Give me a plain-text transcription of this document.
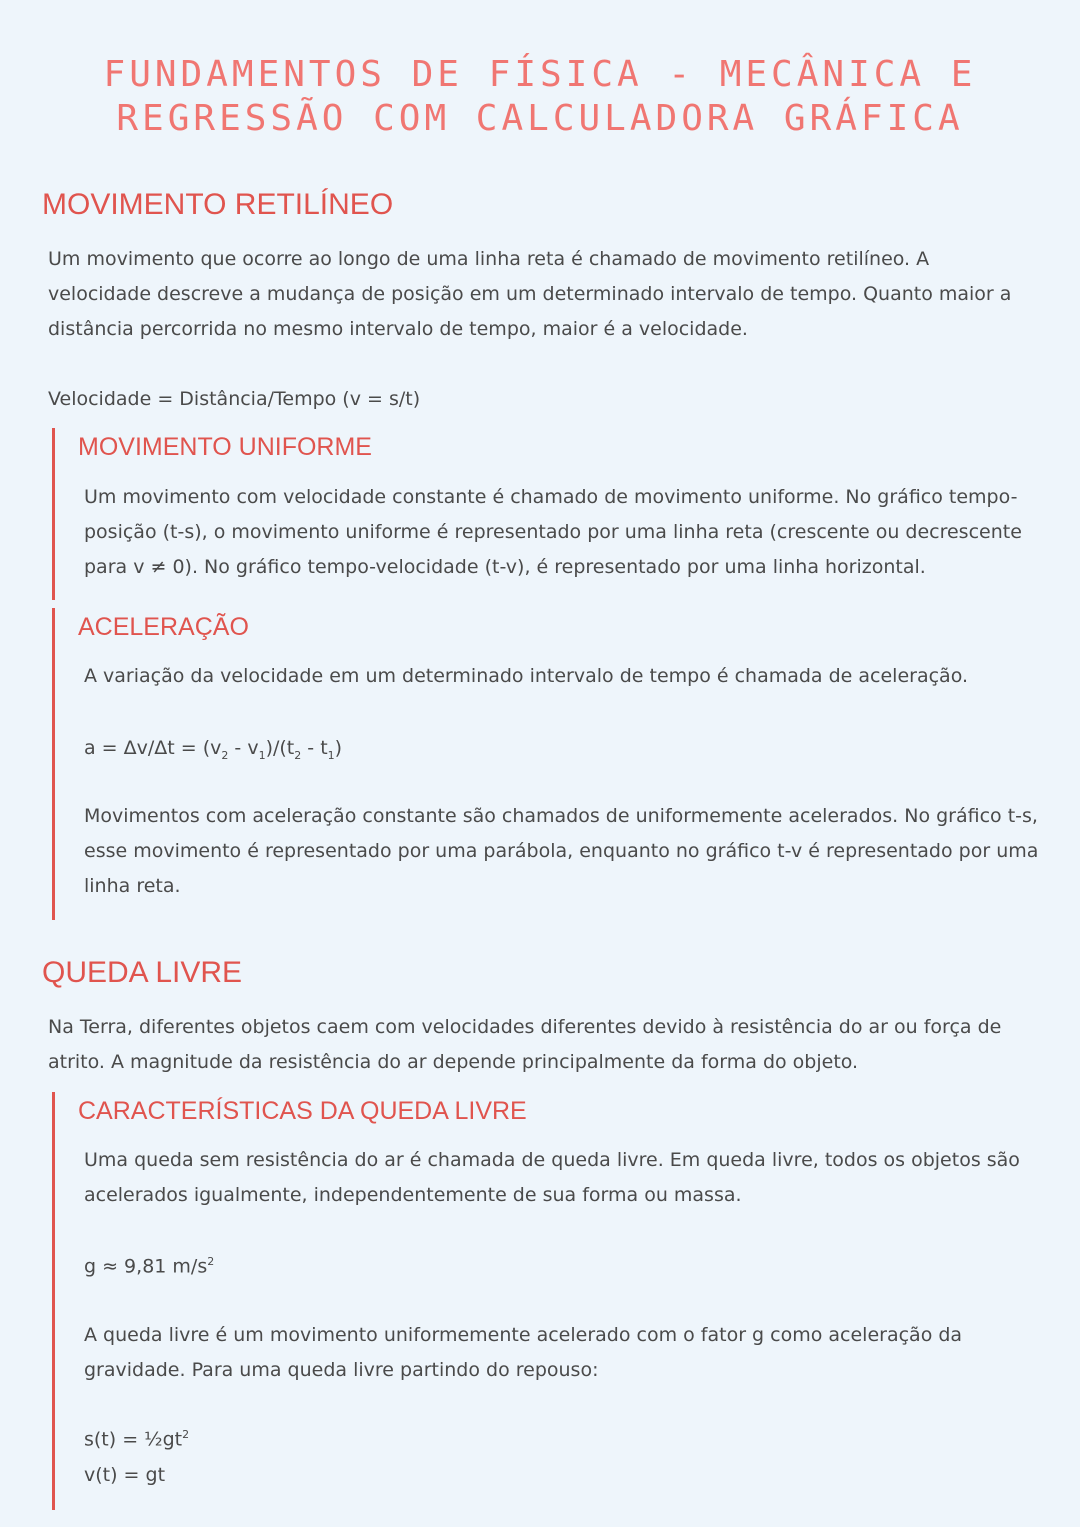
FUNDAMENTOS DE FÍSICA - MECÂNICA E
REGRESSÃO COM CALCULADORA GRÁFICA
MOVIMENTO RETILÍNEO

Um movimento que ocorre ao longo de uma linha reta é chamado de movimento retilíneo. A velocidade descreve a mudança de posição em um determinado intervalo de tempo. Quanto maior a distância percorrida no mesmo intervalo de tempo, maior é a velocidade.

Velocidade = Distância/Tempo (v = s/t)

MOVIMENTO UNIFORME

Um movimento com velocidade constante é chamado de movimento uniforme. No gráfico tempo-posição (t-s), o movimento uniforme é representado por uma linha reta (crescente ou decrescente para v ≠ 0). No gráfico tempo-velocidade (t-v), é representado por uma linha horizontal.

ACELERAÇÃO

A variação da velocidade em um determinado intervalo de tempo é chamada de aceleração.

$a = \Delta v/\Delta t = (v_2 - v_1)/(t_2 - t_1)$

Movimentos com aceleração constante são chamados de uniformemente acelerados. No gráfico t-s, esse movimento é representado por uma parábola, enquanto no gráfico t-v é representado por uma linha reta.

QUEDA LIVRE

Na Terra, diferentes objetos caem com velocidades diferentes devido à resistência do ar ou força de atrito. A magnitude da resistência do ar depende principalmente da forma do objeto.

CARACTERÍSTICAS DA QUEDA LIVRE

Uma queda sem resistência do ar é chamada de queda livre. Em queda livre, todos os objetos são acelerados igualmente, independentemente de sua forma ou massa.

g ≈ 9,81 $m/s^2$

A queda livre é um movimento uniformemente acelerado com o fator g como aceleração da gravidade. Para uma queda livre partindo do repouso:

$s(t) = \frac{1}{2}gt^2$

v(t) = gt
